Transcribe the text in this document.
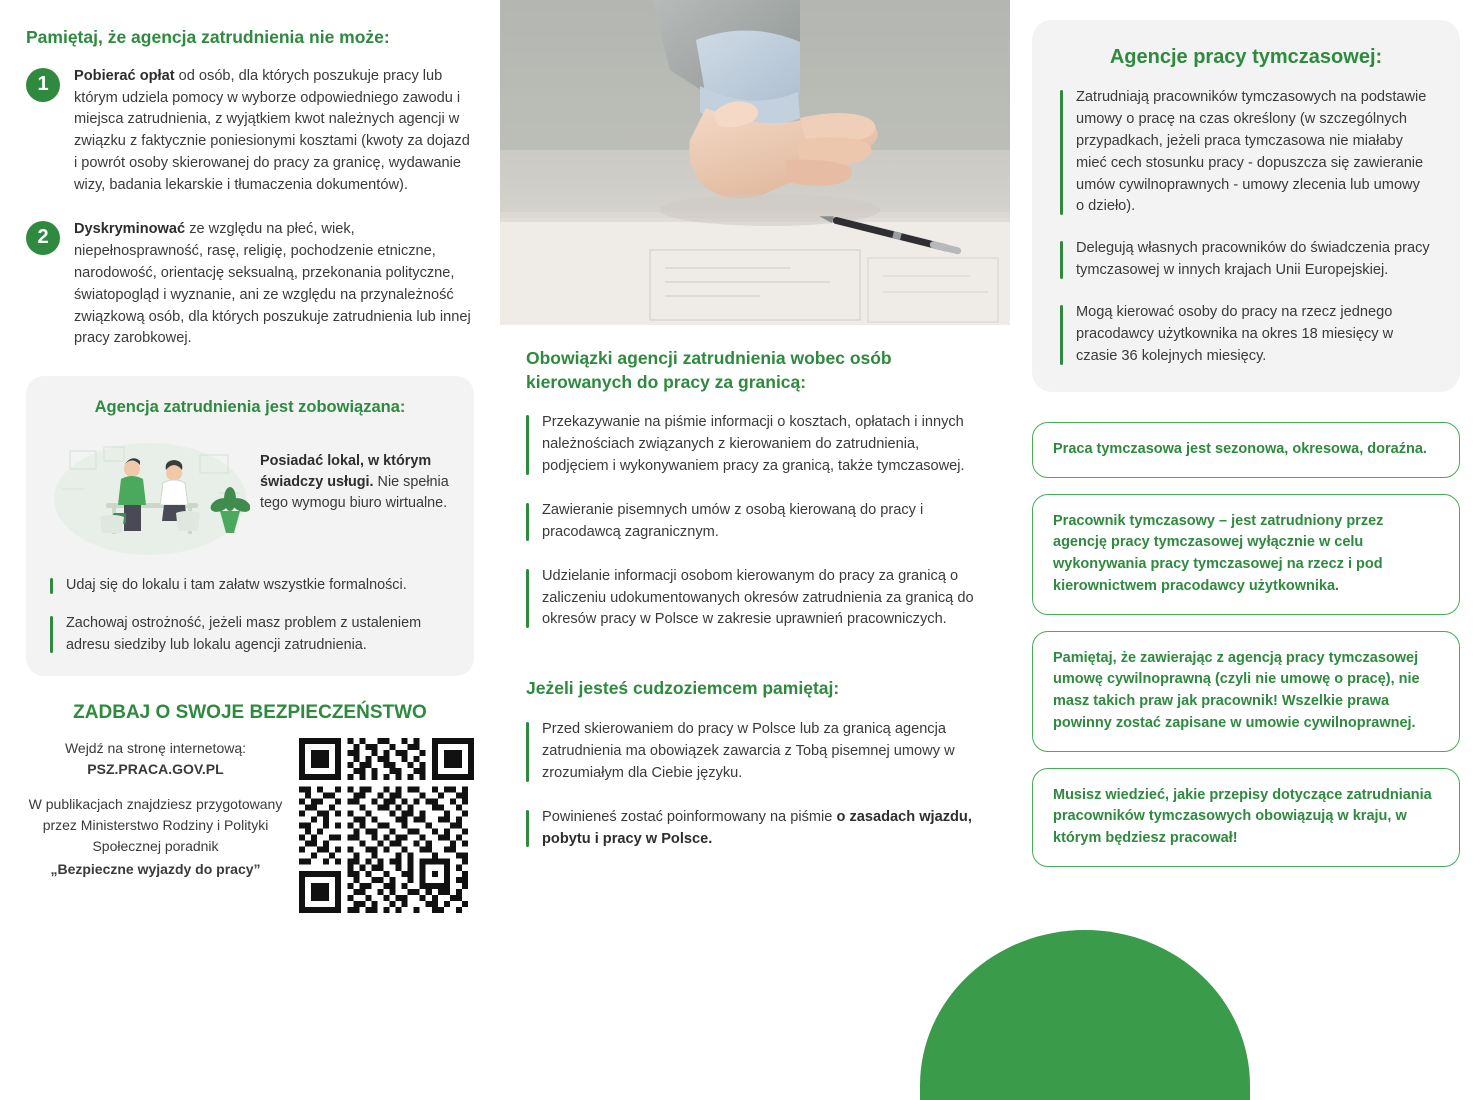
Pamiętaj, że agencja zatrudnienia nie może:
1	Pobierać opłat od osób, dla których poszukuje pracy lub którym udziela pomocy w wyborze odpowiedniego zawodu i miejsca zatrudnienia, z wyjątkiem kwot należnych agencji w związku z faktycznie poniesionymi kosztami (kwoty za dojazd i powrót osoby skierowanej do pracy za granicę, wydawanie wizy, badania lekarskie i tłumaczenia dokumentów).
2	Dyskryminować ze względu na płeć, wiek, niepełnosprawność, rasę, religię, pochodzenie etniczne, narodowość, orientację seksualną, przekonania polityczne, światopogląd i wyznanie, ani ze względu na przynależność związkową osób, dla których poszukuje zatrudnienia lub innej pracy zarobkowej.
Agencja zatrudnienia jest zobowiązana:
Posiadać lokal, w którym świadczy usługi. Nie spełnia tego wymogu biuro wirtualne.
Udaj się do lokalu i tam załatw wszystkie formalności.
Zachowaj ostrożność, jeżeli masz problem z ustaleniem adresu siedziby lub lokalu agencji zatrudnienia.
ZADBAJ O SWOJE BEZPIECZEŃSTWO
Wejdź na stronę internetową:
PSZ.PRACA.GOV.PL
W publikacjach znajdziesz przygotowany przez Ministerstwo Rodziny i Polityki Społecznej poradnik
„Bezpieczne wyjazdy do pracy”
Obowiązki agencji zatrudnienia wobec osób kierowanych do pracy za granicą:
Przekazywanie na piśmie informacji o kosztach, opłatach i innych należnościach związanych z kierowaniem do zatrudnienia, podjęciem i wykonywaniem pracy za granicą, także tymczasowej.
Zawieranie pisemnych umów z osobą kierowaną do pracy i pracodawcą zagranicznym.
Udzielanie informacji osobom kierowanym do pracy za granicą o zaliczeniu udokumentowanych okresów zatrudnienia za granicą do okresów pracy w Polsce w zakresie uprawnień pracowniczych.
Jeżeli jesteś cudzoziemcem pamiętaj:
Przed skierowaniem do pracy w Polsce lub za granicą agencja zatrudnienia ma obowiązek zawarcia z Tobą pisemnej umowy w zrozumiałym dla Ciebie języku.
Powinieneś zostać poinformowany na piśmie o zasadach wjazdu, pobytu i pracy w Polsce.
Agencje pracy tymczasowej:
Zatrudniają pracowników tymczasowych na podstawie umowy o pracę na czas określony (w szczególnych przypadkach, jeżeli praca tymczasowa nie miałaby mieć cech stosunku pracy - dopuszcza się zawieranie umów cywilnoprawnych - umowy zlecenia lub umowy o dzieło).
Delegują własnych pracowników do świadczenia pracy tymczasowej w innych krajach Unii Europejskiej.
Mogą kierować osoby do pracy na rzecz jednego pracodawcy użytkownika na okres 18 miesięcy w czasie 36 kolejnych miesięcy.
Praca tymczasowa jest sezonowa, okresowa, doraźna.
Pracownik tymczasowy – jest zatrudniony przez agencję pracy tymczasowej wyłącznie w celu wykonywania pracy tymczasowej na rzecz i pod kierownictwem pracodawcy użytkownika.
Pamiętaj, że zawierając z agencją pracy tymczasowej umowę cywilnoprawną (czyli nie umowę o pracę), nie masz takich praw jak pracownik! Wszelkie prawa powinny zostać zapisane w umowie cywilnoprawnej.
Musisz wiedzieć, jakie przepisy dotyczące zatrudniania pracowników tymczasowych obowiązują w kraju, w którym będziesz pracował!
